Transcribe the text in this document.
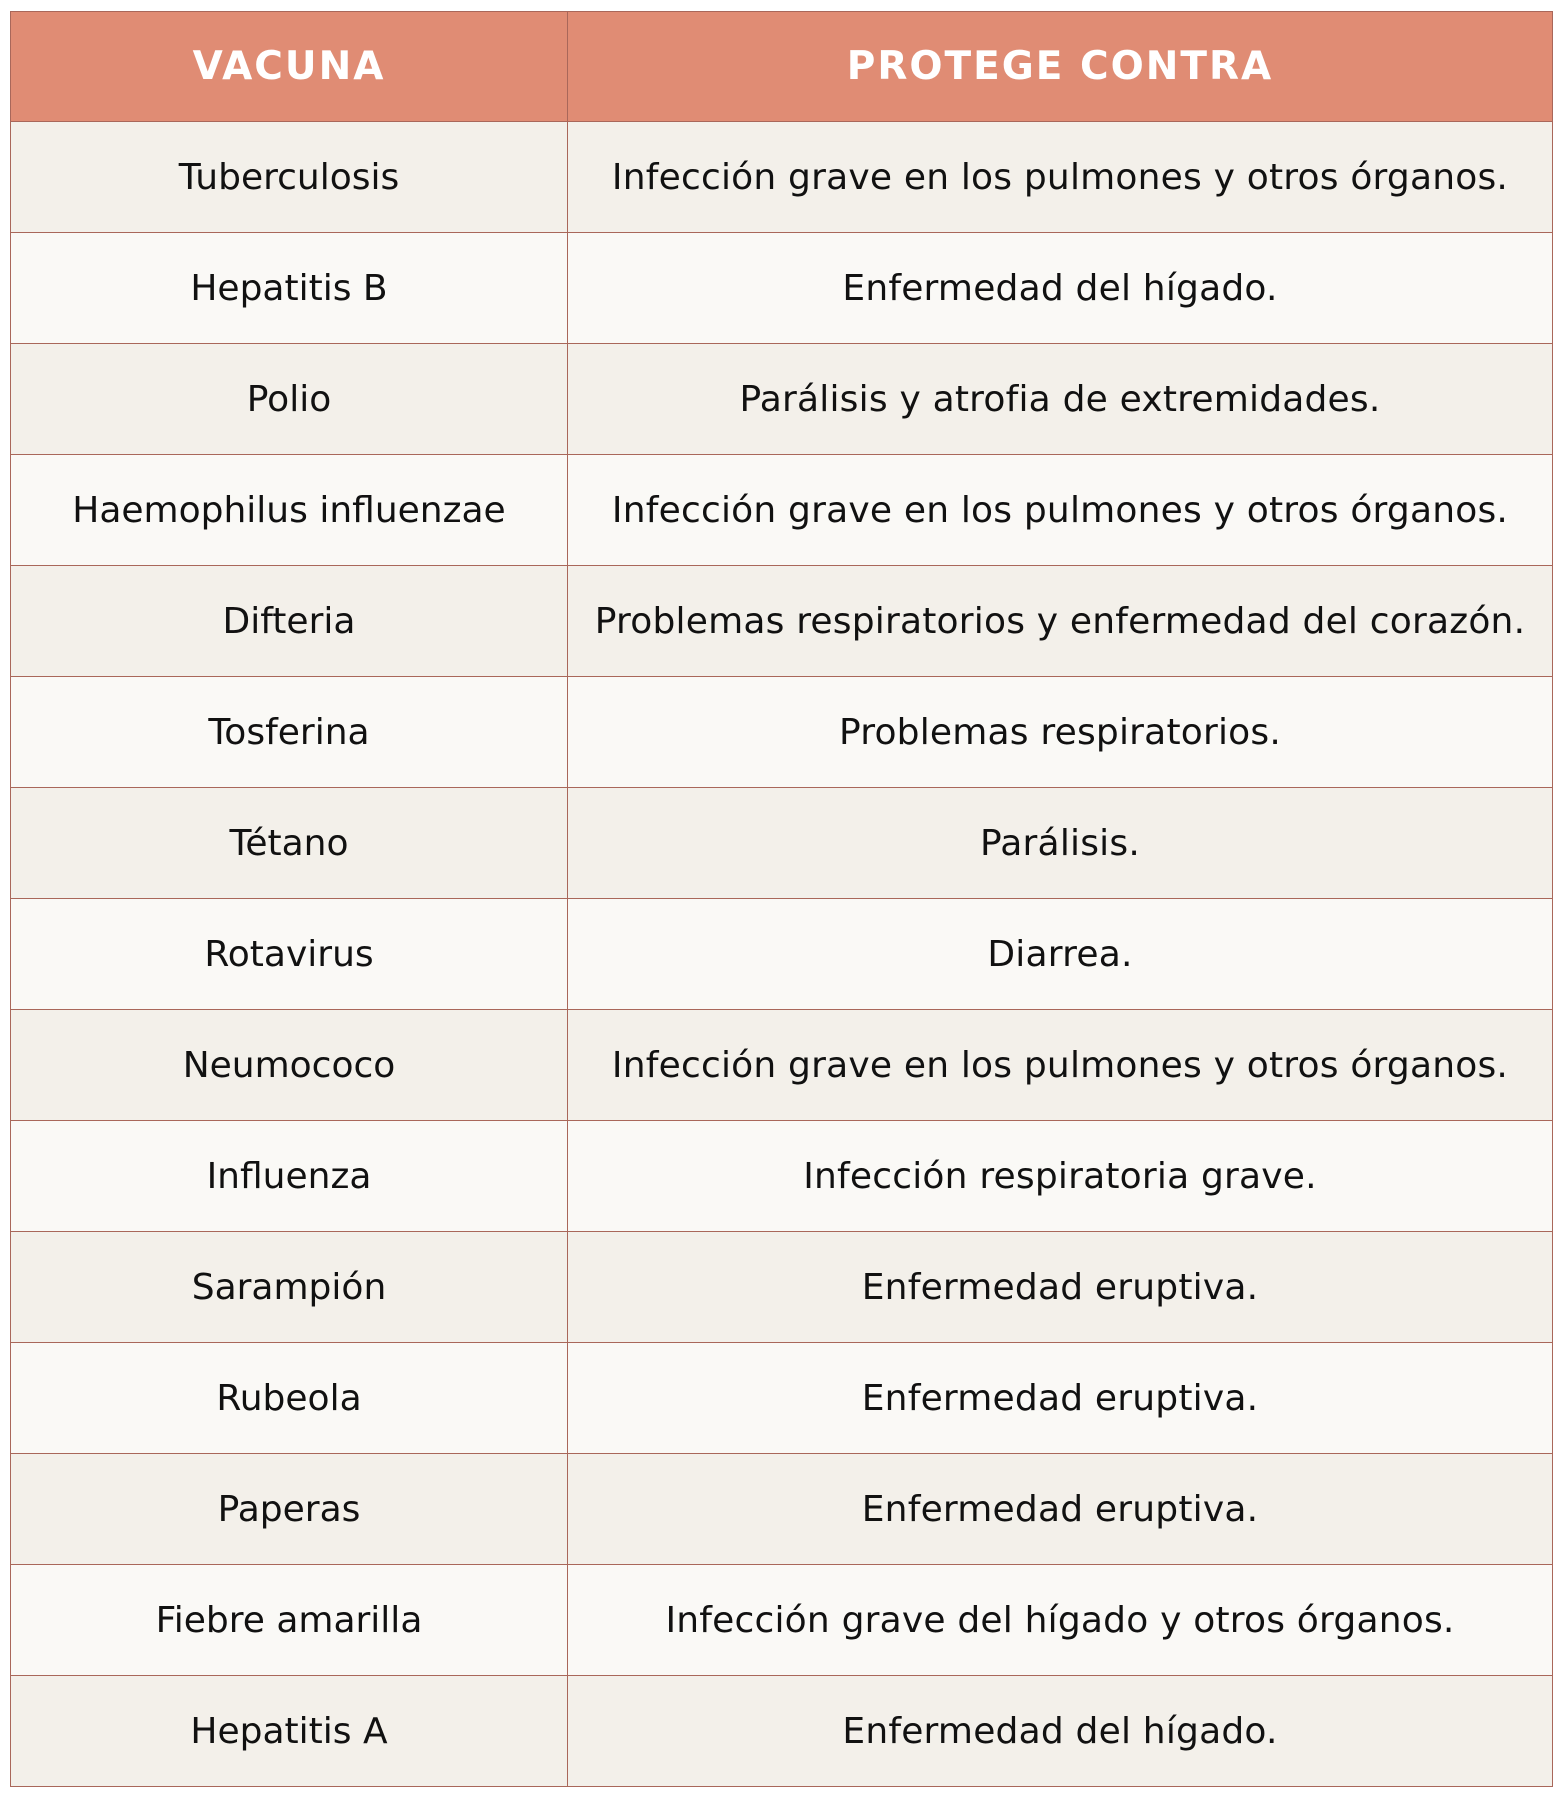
VACUNA	PROTEGE CONTRA
Tuberculosis	Infección grave en los pulmones y otros órganos.
Hepatitis B	Enfermedad del hígado.
Polio	Parálisis y atrofia de extremidades.
Haemophilus influenzae	Infección grave en los pulmones y otros órganos.
Difteria	Problemas respiratorios y enfermedad del corazón.
Tosferina	Problemas respiratorios.
Tétano	Parálisis.
Rotavirus	Diarrea.
Neumococo	Infección grave en los pulmones y otros órganos.
Influenza	Infección respiratoria grave.
Sarampión	Enfermedad eruptiva.
Rubeola	Enfermedad eruptiva.
Paperas	Enfermedad eruptiva.
Fiebre amarilla	Infección grave del hígado y otros órganos.
Hepatitis A	Enfermedad del hígado.
